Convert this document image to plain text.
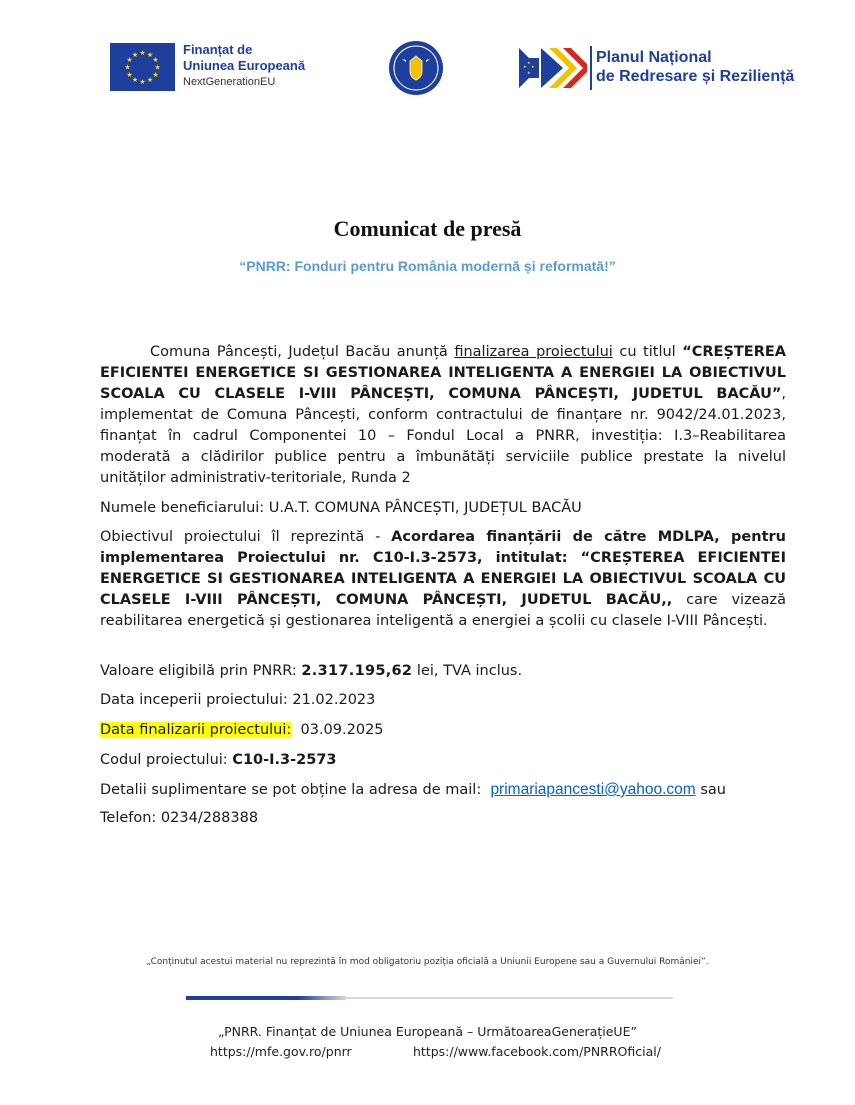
★ ★
★
★
★
★
★
★
★
★
★
★	Finanțat de
Uniunea Europeană
NextGenerationEU
★
★
★
★
Planul Național
de Redresare și Reziliență
Comunicat de presă
“PNRR: Fonduri pentru România modernă și reformată!”
Comuna Pâncești, Județul Bacău anunță finalizarea proiectului cu titlul “CREȘTEREA EFICIENTEI ENERGETICE SI GESTIONAREA INTELIGENTA A ENERGIEI LA OBIECTIVUL SCOALA CU CLASELE I-VIII PÂNCEȘTI, COMUNA PÂNCEȘTI, JUDETUL BACĂU”, implementat de Comuna Pâncești, conform contractului de finanțare nr. 9042/24.01.2023, finanțat în cadrul Componentei 10 – Fondul Local a PNRR, investiția: I.3–Reabilitarea moderată a clădirilor publice pentru a îmbunătăți serviciile publice prestate la nivelul unităților administrativ-teritoriale, Runda 2
Numele beneficiarului: U.A.T. COMUNA PÂNCEȘTI, JUDEȚUL BACĂU
Obiectivul proiectului îl reprezintă - Acordarea finanțării de către MDLPA, pentru implementarea Proiectului nr. C10-I.3-2573, intitulat: “CREȘTEREA EFICIENTEI ENERGETICE SI GESTIONAREA INTELIGENTA A ENERGIEI LA OBIECTIVUL SCOALA CU CLASELE I-VIII PÂNCEȘTI, COMUNA PÂNCEȘTI, JUDETUL BACĂU,, care vizează reabilitarea energetică și gestionarea inteligentă a energiei a școlii cu clasele I-VIII Pâncești.
Valoare eligibilă prin PNRR: 2.317.195,62 lei, TVA inclus.
Data inceperii proiectului: 21.02.2023
Data finalizarii proiectului:  03.09.2025
Codul proiectului: C10-I.3-2573
Detalii suplimentare se pot obține la adresa de mail:  primariapancesti@yahoo.com sau
Telefon: 0234/288388
„Conținutul acestui material nu reprezintă în mod obligatoriu poziția oficială a Uniunii Europene sau a Guvernului României”.
„PNRR. Finanțat de Uniunea Europeană – UrmătoareaGenerațieUE”
https://mfe.gov.ro/pnrr	https://www.facebook.com/PNRROficial/
